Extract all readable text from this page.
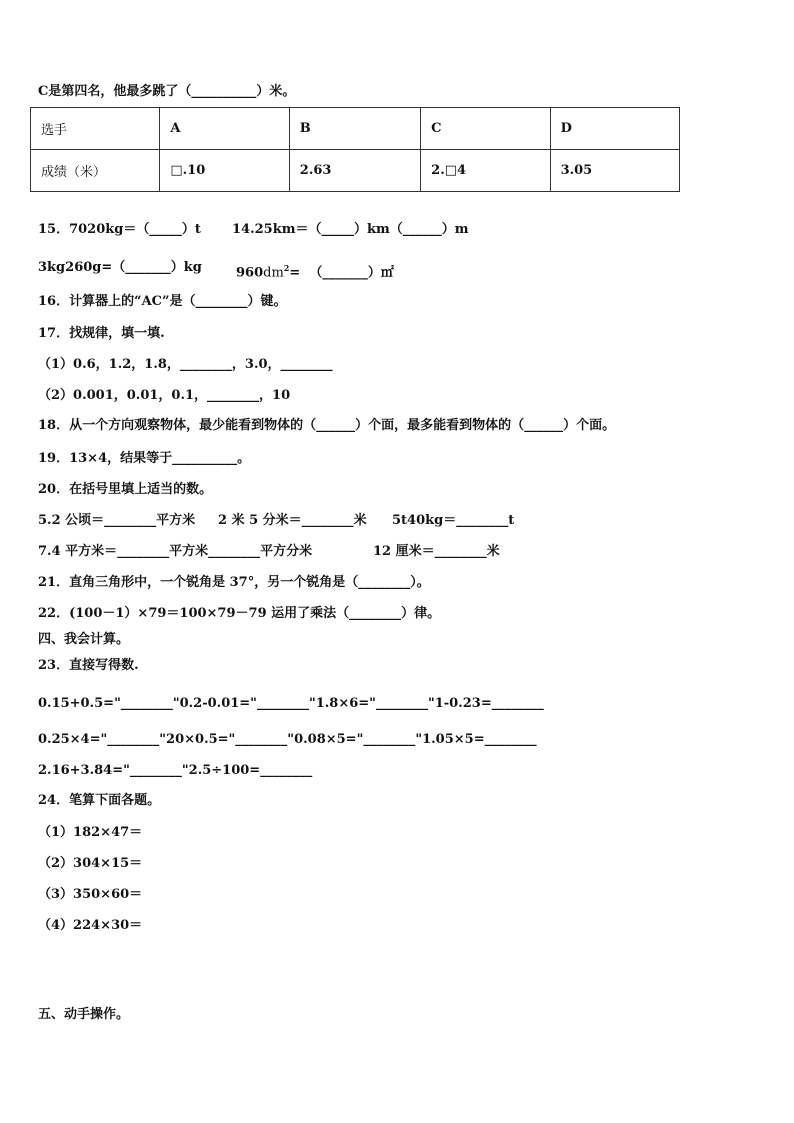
C是第四名，他最多跳了（__________）米。
选手	A	B	C	D
成绩（米）	□.10	2.63	2.□4	3.05
15．7020kg＝（_____）t 14.25km＝（_____）km（______）m
3kg260g=（_______）kg	$960dm^2=$  （_______）㎡
16．计算器上的“AC”是（________）键。
17．找规律，填一填.
（1）0.6，1.2，1.8，________，3.0，________
（2）0.001，0.01，0.1，________，10
18．从一个方向观察物体，最少能看到物体的（______）个面，最多能看到物体的（______）个面。
19．13×4，结果等于__________。
20．在括号里填上适当的数。
5.2 公顷＝________平方米 2 米 5 分米＝________米 5t40kg＝________t
7.4 平方米＝________平方米________平方分米	12 厘米＝________米
21．直角三角形中，一个锐角是 37°，另一个锐角是（________）。
22．(100－1）×79＝100×79－79 运用了乘法（________）律。
四、我会计算。
23．直接写得数.
0.15+0.5="________"0.2-0.01="________"1.8×6="________"1-0.23=________
0.25×4="________"20×0.5="________"0.08×5="________"1.05×5=________
2.16+3.84="________"2.5÷100=________
24．笔算下面各题。
（1）182×47＝
（2）304×15＝
（3）350×60＝
（4）224×30＝
五、动手操作。
